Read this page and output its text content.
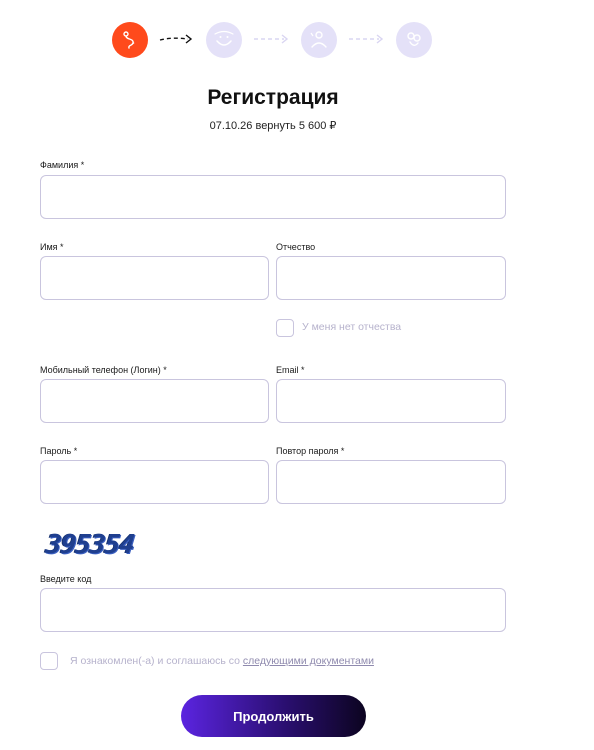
Регистрация
07.10.26 вернуть 5 600 ₽
Фамилия *
Имя *	Отчество
У меня нет отчества
Мобильный телефон (Логин) *	Email *
Пароль *	Повтор пароля *
395354
Введите код
Я ознакомлен(-а) и соглашаюсь со следующими документами
Продолжить
